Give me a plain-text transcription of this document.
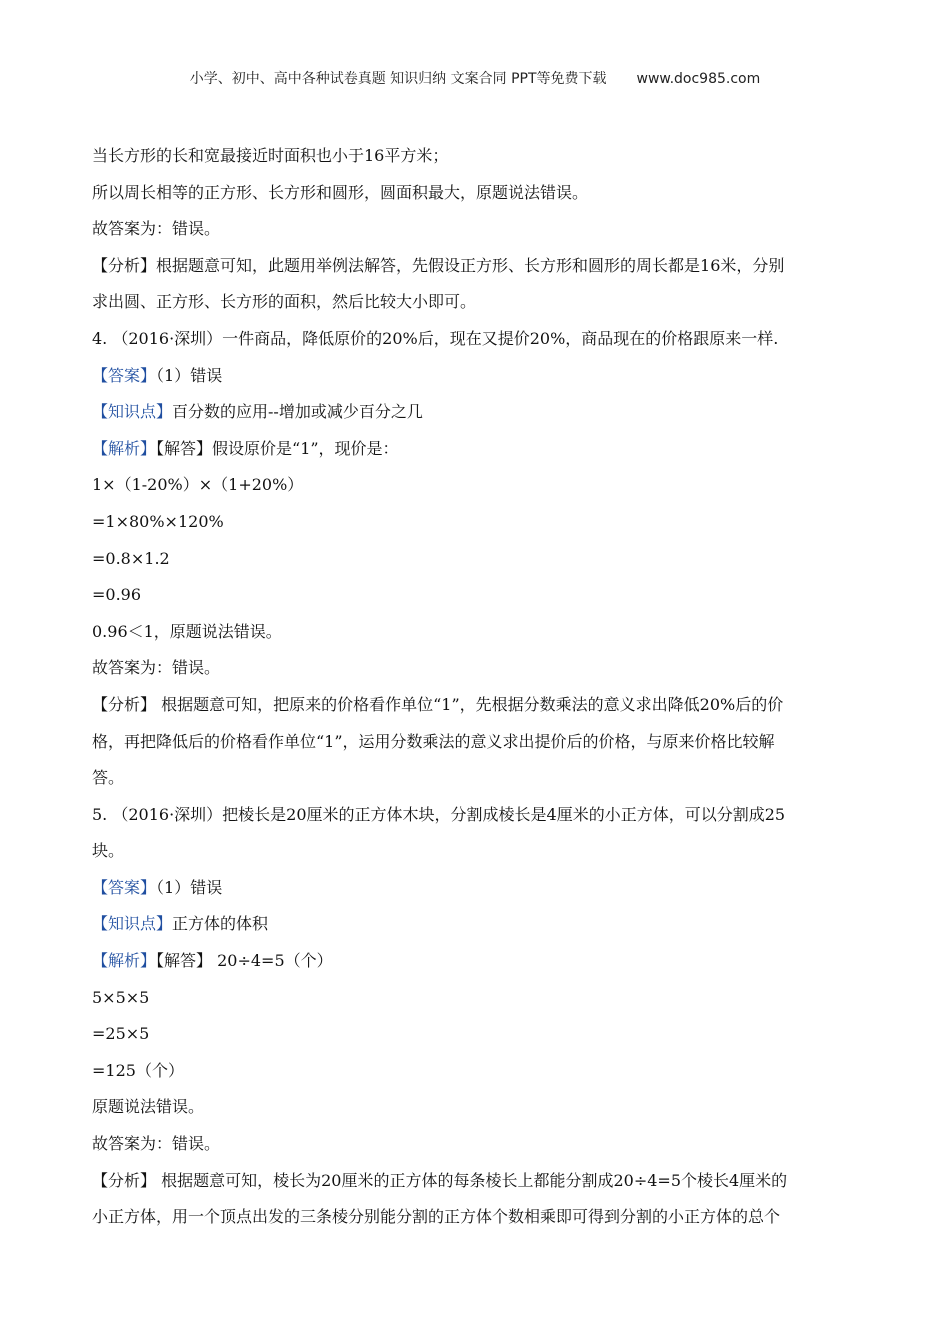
小学、初中、高中各种试卷真题 知识归纳 文案合同 PPT等免费下载 www.doc985.com
当长方形的长和宽最接近时面积也小于16平方米；
所以周长相等的正方形、长方形和圆形，圆面积最大，原题说法错误。
故答案为：错误。
【分析】根据题意可知，此题用举例法解答，先假设正方形、长方形和圆形的周长都是16米，分别
求出圆、正方形、长方形的面积，然后比较大小即可。
4. （2016·深圳）一件商品，降低原价的20%后，现在又提价20%，商品现在的价格跟原来一样.
【答案】（1）错误
【知识点】百分数的应用--增加或减少百分之几
【解析】【解答】假设原价是“1”，现价是：
1×（1-20%）×（1+20%）
=1×80%×120%
=0.8×1.2
=0.96
0.96＜1，原题说法错误。
故答案为：错误。
【分析】 根据题意可知，把原来的价格看作单位“1”，先根据分数乘法的意义求出降低20%后的价
格，再把降低后的价格看作单位“1”，运用分数乘法的意义求出提价后的价格，与原来价格比较解
答。
5. （2016·深圳）把棱长是20厘米的正方体木块，分割成棱长是4厘米的小正方体，可以分割成25
块。
【答案】（1）错误
【知识点】正方体的体积
【解析】【解答】 20÷4=5（个）
5×5×5
=25×5
=125（个）
原题说法错误。
故答案为：错误。
【分析】 根据题意可知，棱长为20厘米的正方体的每条棱长上都能分割成20÷4=5个棱长4厘米的
小正方体，用一个顶点出发的三条棱分别能分割的正方体个数相乘即可得到分割的小正方体的总个
